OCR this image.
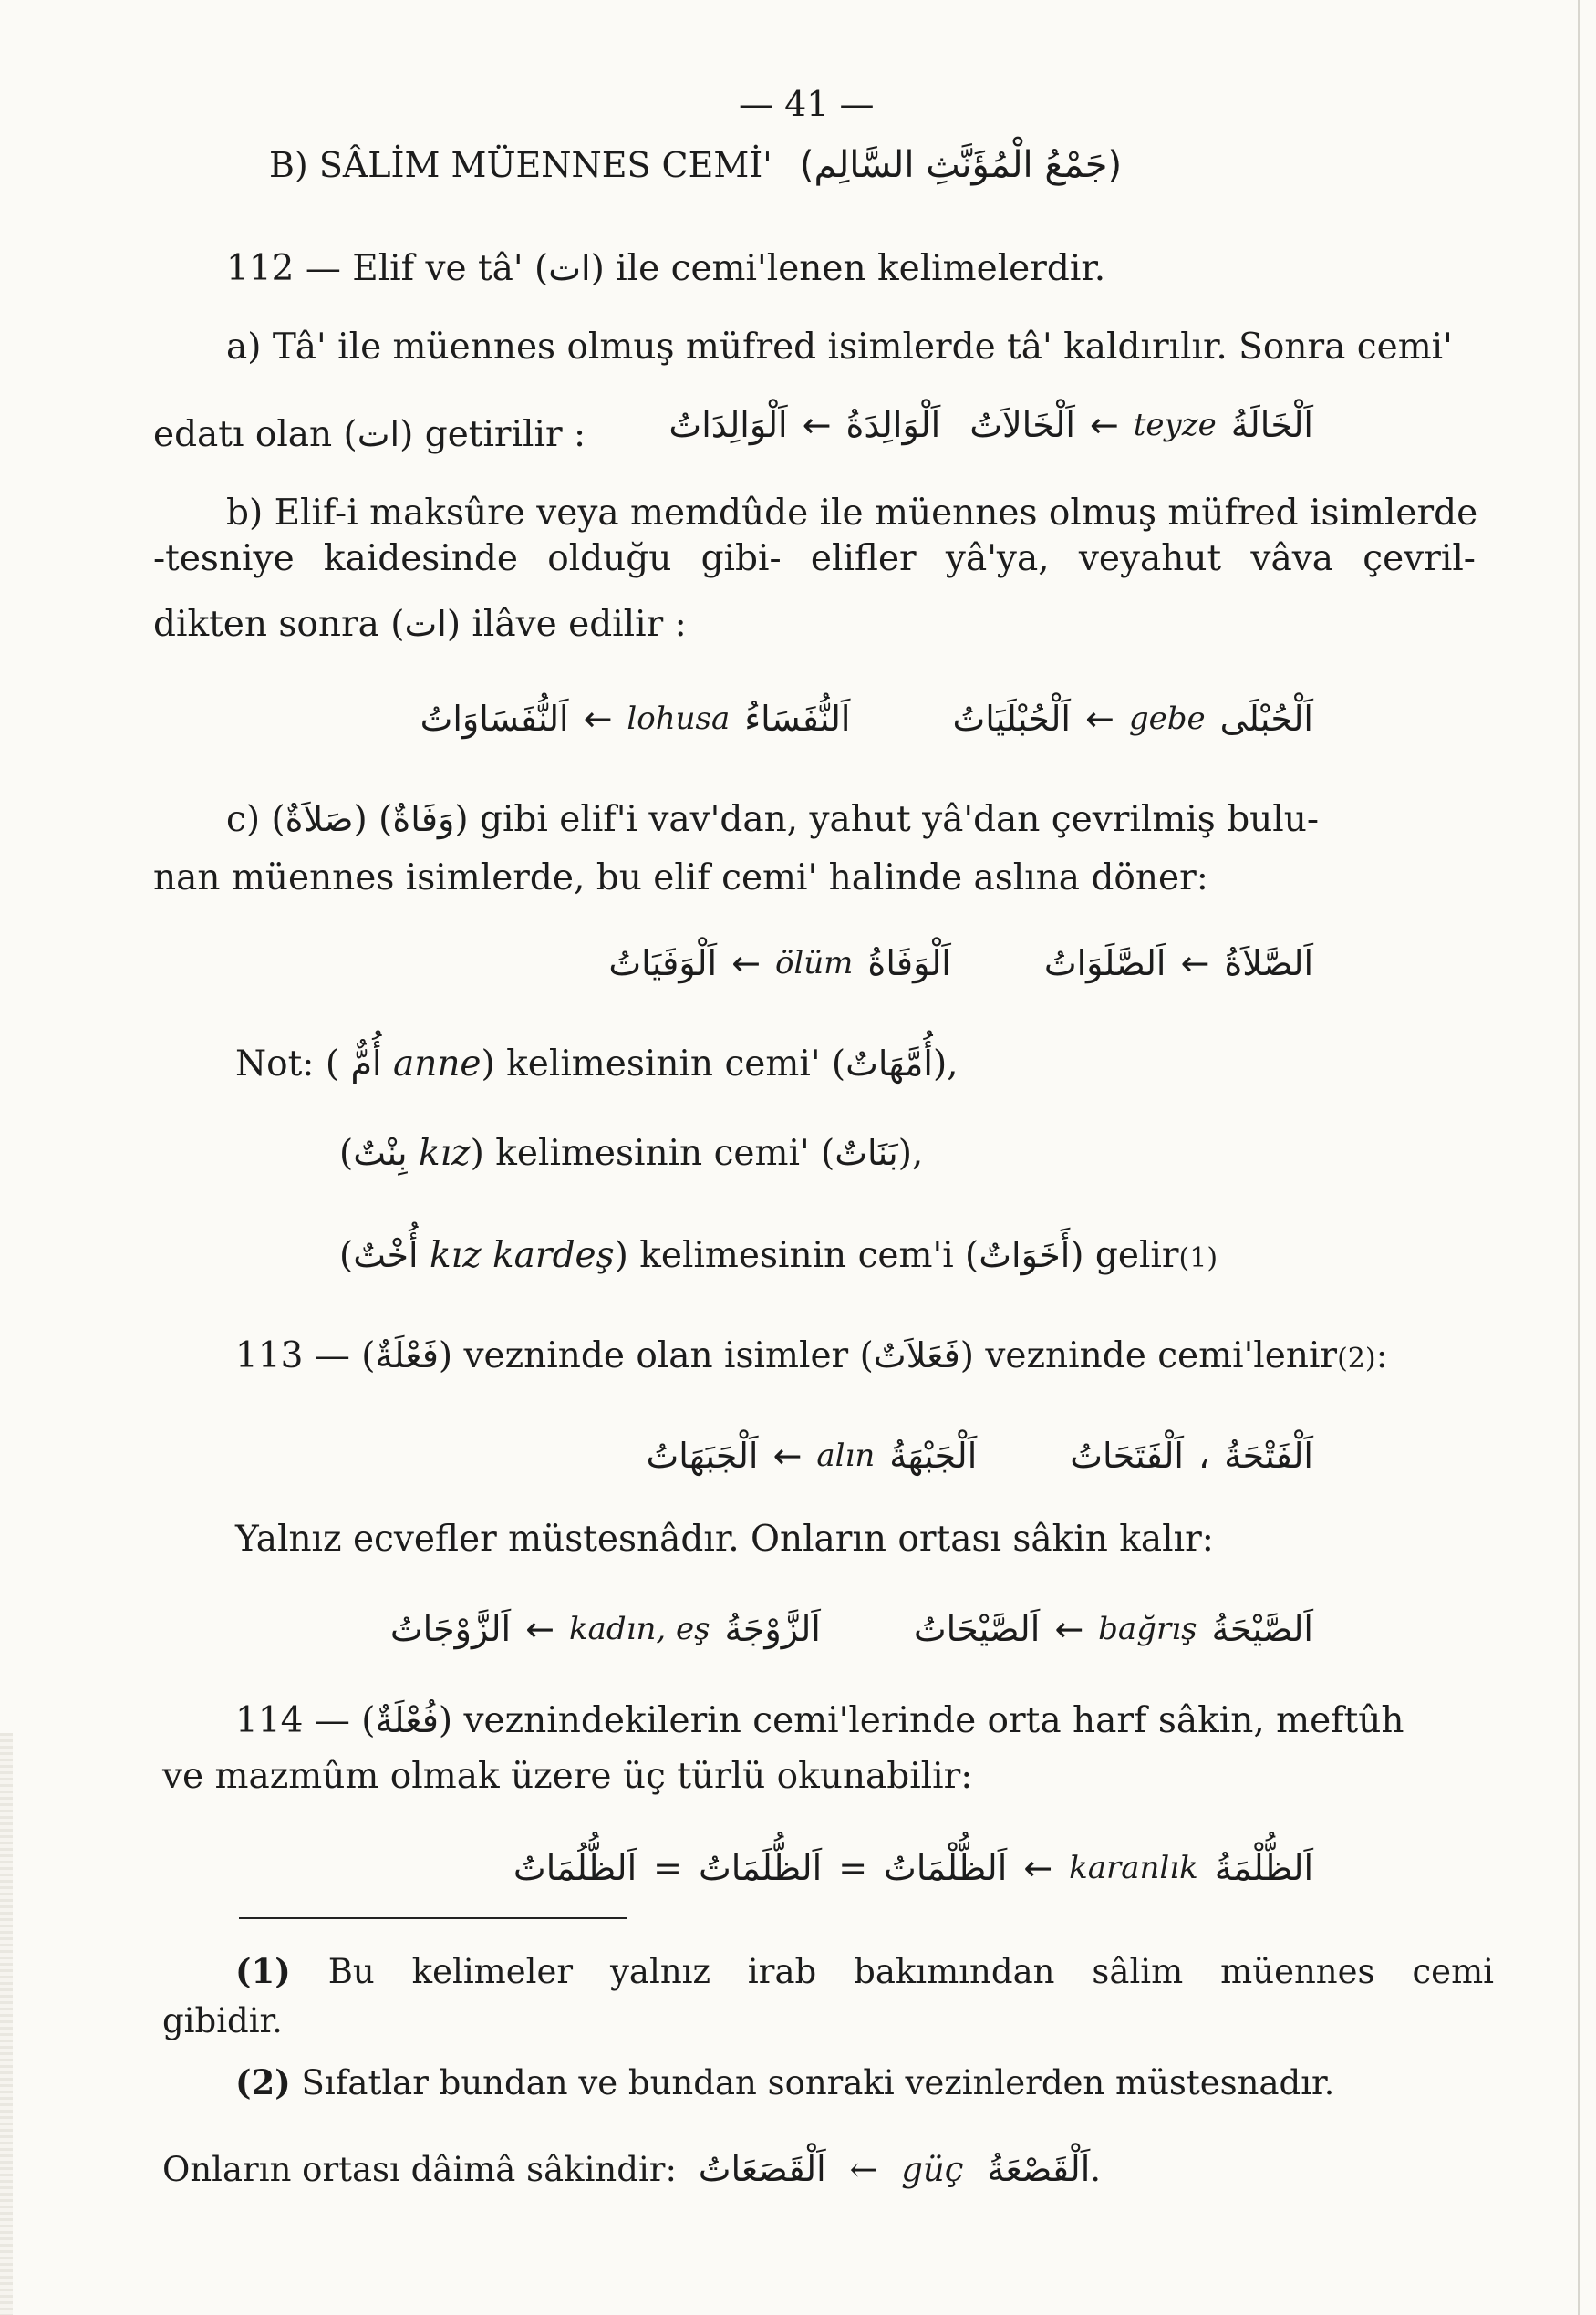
— 41 —
B) SÂLİM MÜENNES CEMİ' (جَمْعُ الْمُؤَنَّثِ السَّالِم)
112 — Elif ve tâ' (ات) ile cemi'lenen kelimelerdir.
a) Tâ' ile müennes olmuş müfred isimlerde tâ' kaldırılır. Sonra cemi'
edatı olan (ات) getirilir :	اَلْخَالَةُ
teyze
←
اَلْخَالاَتُ
اَلْوَالِدَةُ
←
اَلْوَالِدَاتُ
b) Elif-i maksûre veya memdûde ile müennes olmuş müfred isimlerde
-tesniye kaidesinde olduğu gibi- elifler yâ'ya, veyahut vâva çevril-
dikten sonra (ات) ilâve edilir :
اَلْحُبْلَى
gebe
←
اَلْحُبْلَيَاتُ
اَلنُّفَسَاءُ
lohusa
←
اَلنُّفَسَاوَاتُ
c) (صَلاَةٌ) (وَفَاةٌ) gibi elif'i vav'dan, yahut yâ'dan çevrilmiş bulu-
nan müennes isimlerde, bu elif cemi' halinde aslına döner:
اَلصَّلاَةُ
←
اَلصَّلَوَاتُ
اَلْوَفَاةُ
ölüm
←
اَلْوَفَيَاتُ
Not: ( أُمٌّ anne) kelimesinin cemi' (أُمَّهَاتٌ),
(بِنْتٌ kız) kelimesinin cemi' (بَنَاتٌ),
(أُخْتٌ kız kardeş) kelimesinin cem'i (أَخَوَاتٌ) gelir(1)
113 — (فَعْلَةٌ) vezninde olan isimler (فَعَلاَتٌ) vezninde cemi'lenir(2):
اَلْفَتْحَةُ
،
اَلْفَتَحَاتُ
اَلْجَبْهَةُ
alın
←
اَلْجَبَهَاتُ
Yalnız ecvefler müstesnâdır. Onların ortası sâkin kalır:
اَلصَّيْحَةُ
bağrış
←
اَلصَّيْحَاتُ
اَلزَّوْجَةُ
kadın, eş
←
اَلزَّوْجَاتُ
114 — (فُعْلَةٌ) veznindekilerin cemi'lerinde orta harf sâkin, meftûh
ve mazmûm olmak üzere üç türlü okunabilir:
اَلظُّلْمَةُ
karanlık
←
اَلظُّلْمَاتُ
=
اَلظُّلَمَاتُ
=
اَلظُّلُمَاتُ
(1) Bu kelimeler yalnız irab bakımından sâlim müennes cemi
gibidir.
(2) Sıfatlar bundan ve bundan sonraki vezinlerden müstesnadır.
Onların ortası dâimâ sâkindir: اَلْقَصَعَاتُ ← güç اَلْقَصْعَةُ.
